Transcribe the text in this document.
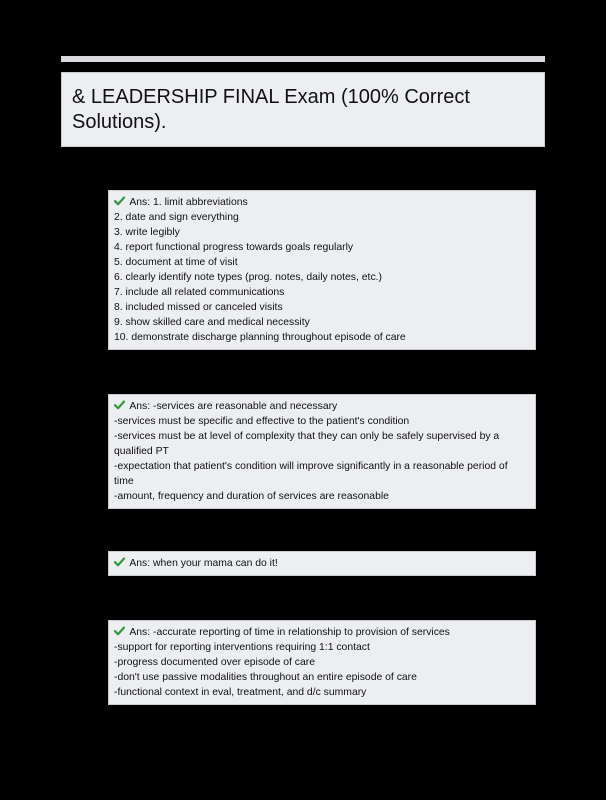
& LEADERSHIP FINAL Exam (100% Correct Solutions).
Ans: 1. limit abbreviations
2. date and sign everything
3. write legibly
4. report functional progress towards goals regularly
5. document at time of visit
6. clearly identify note types (prog. notes, daily notes, etc.)
7. include all related communications
8. included missed or canceled visits
9. show skilled care and medical necessity
10. demonstrate discharge planning throughout episode of care
Ans: -services are reasonable and necessary
-services must be specific and effective to the patient's condition
-services must be at level of complexity that they can only be safely supervised by a qualified PT
-expectation that patient's condition will improve significantly in a reasonable period of time
-amount, frequency and duration of services are reasonable
Ans: when your mama can do it!
Ans: -accurate reporting of time in relationship to provision of services
-support for reporting interventions requiring 1:1 contact
-progress documented over episode of care
-don't use passive modalities throughout an entire episode of care
-functional context in eval, treatment, and d/c summary
